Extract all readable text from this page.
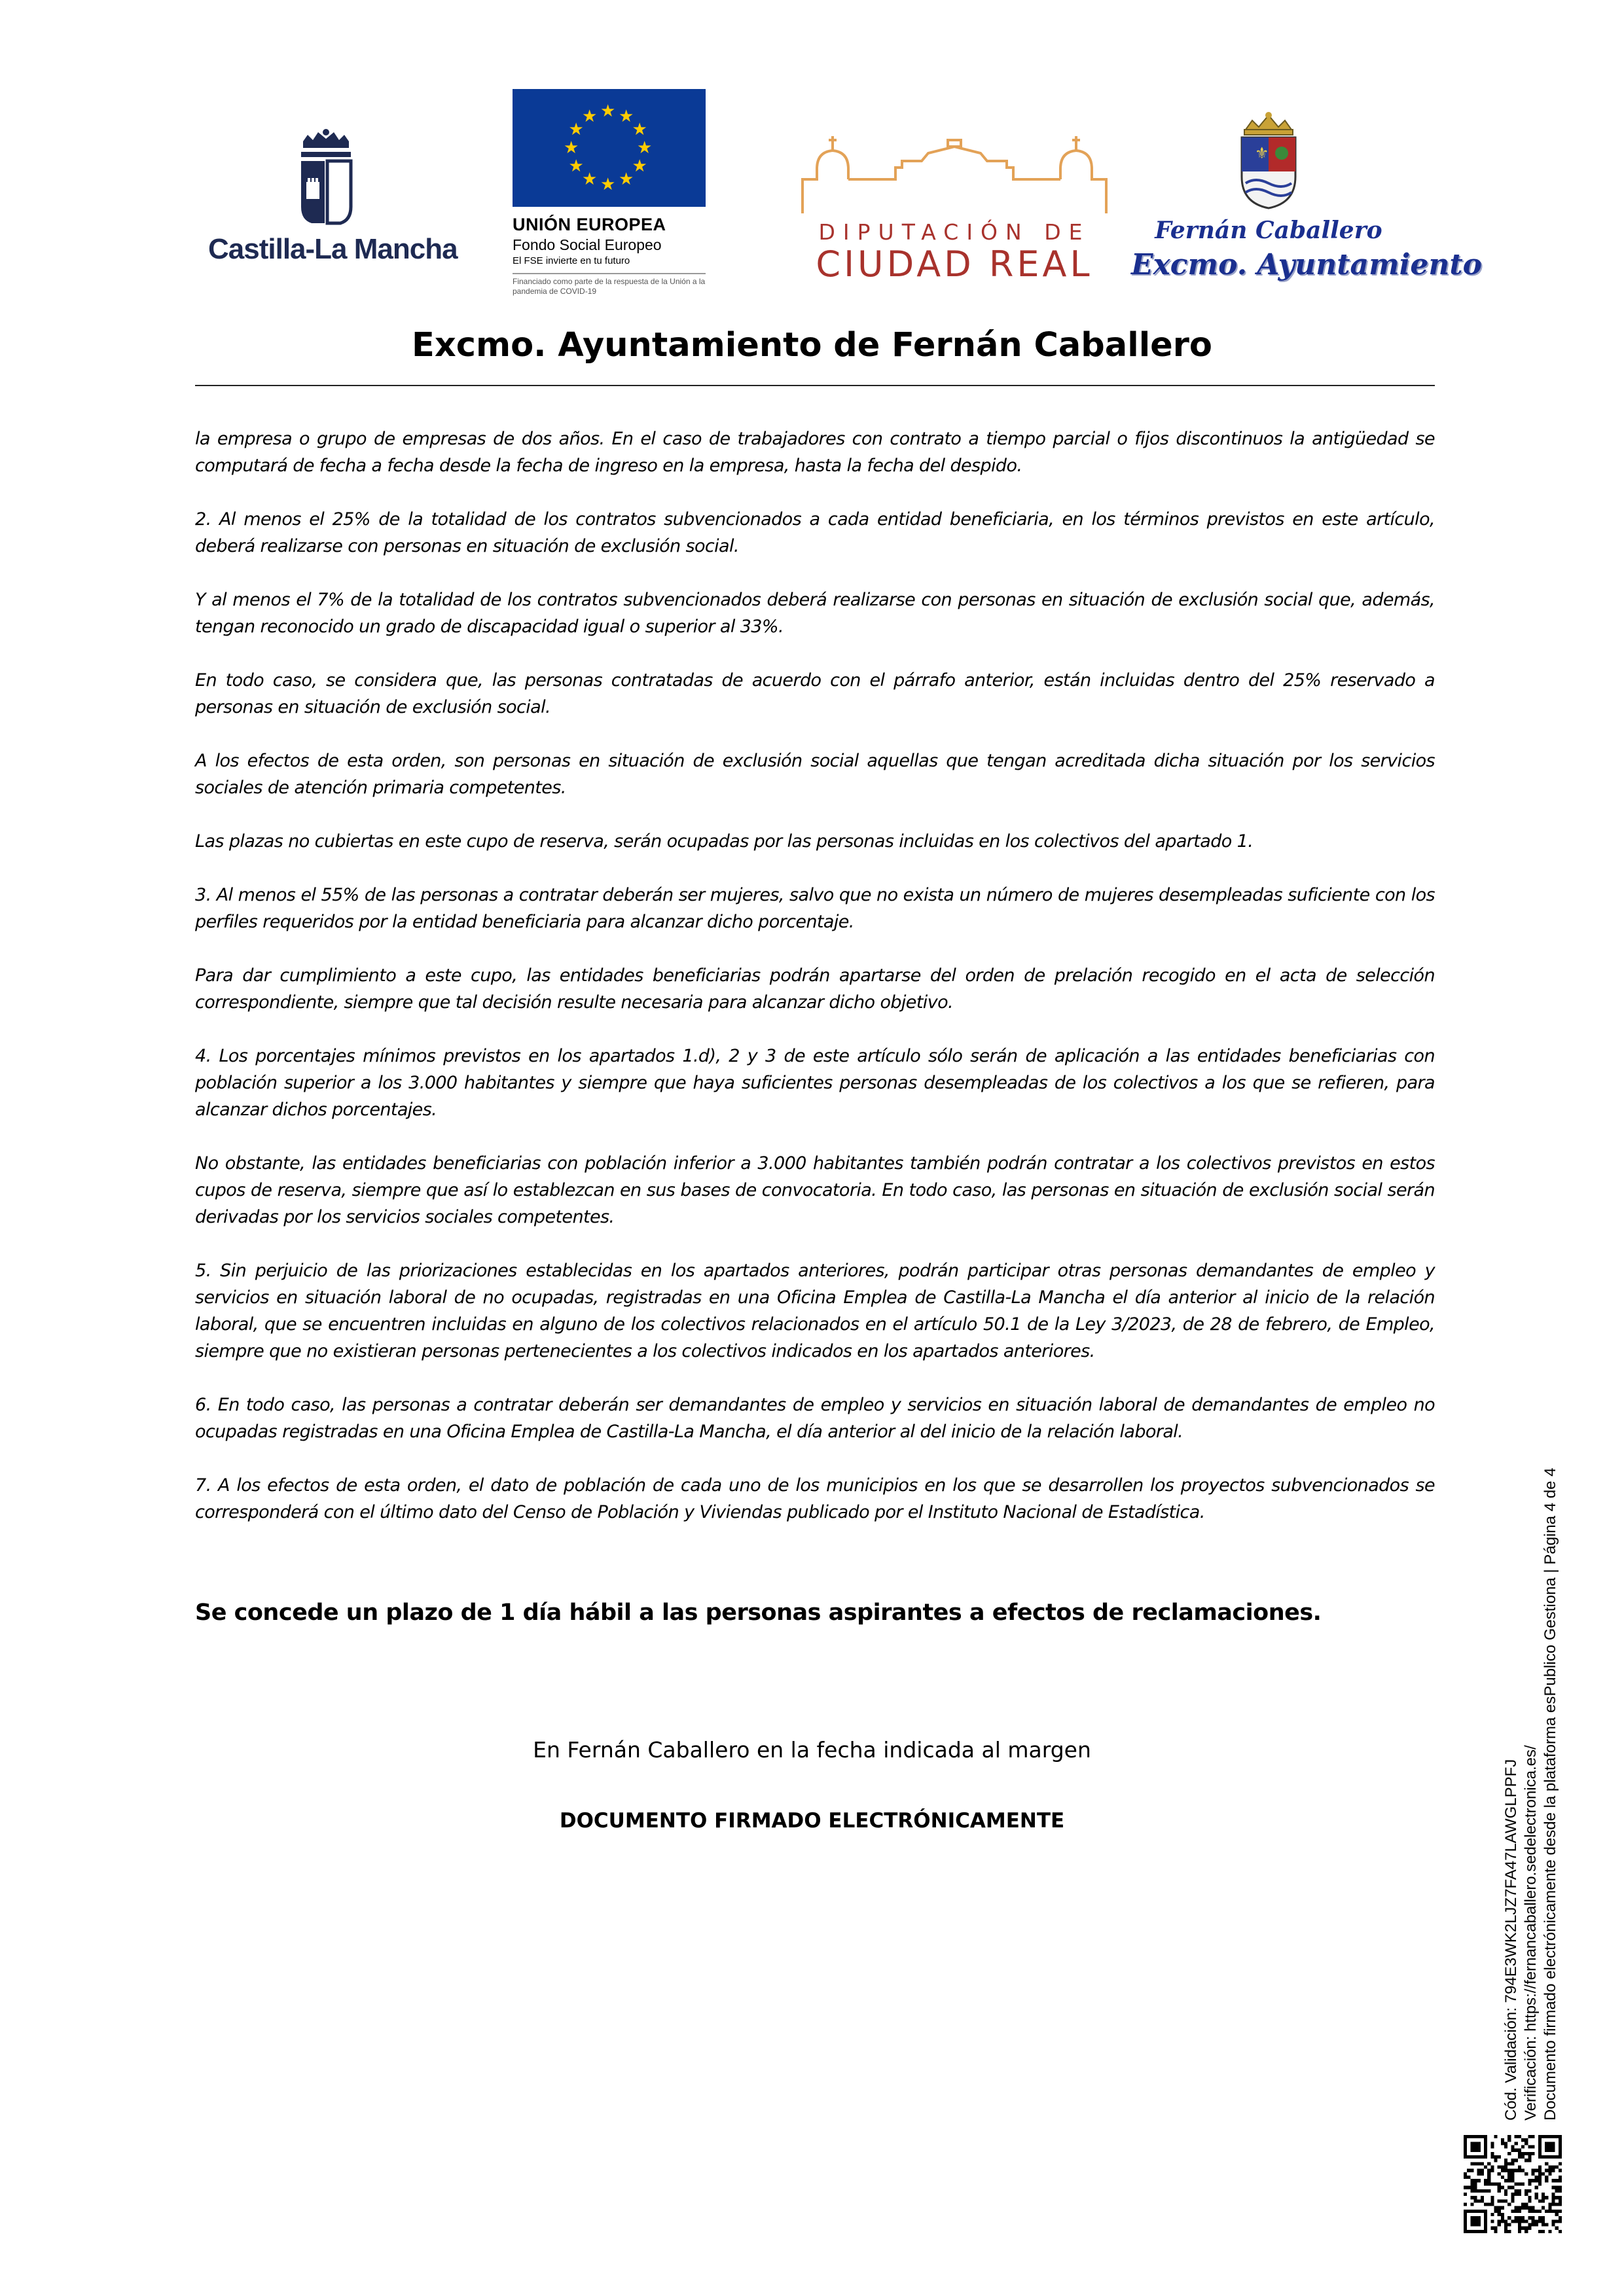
Castilla-La Mancha
★ ★
★
★
★
★
★
★
★
★
★
★
UNIÓN EUROPEA
Fondo Social Europeo
El FSE invierte en tu futuro
Financiado como parte de la respuesta de la Unión a la pandemia de COVID-19
DIPUTACIÓN DE
CIUDAD REAL
⚜
Fernán Caballero
Excmo. Ayuntamiento
Excmo. Ayuntamiento de Fernán Caballero

la empresa o grupo de empresas de dos años. En el caso de trabajadores con contrato a tiempo parcial o fijos discontinuos la antigüedad se computará de fecha a fecha desde la fecha de ingreso en la empresa, hasta la fecha del despido.

2. Al menos el 25% de la totalidad de los contratos subvencionados a cada entidad beneficiaria, en los términos previstos en este artículo, deberá realizarse con personas en situación de exclusión social.

Y al menos el 7% de la totalidad de los contratos subvencionados deberá realizarse con personas en situación de exclusión social que, además, tengan reconocido un grado de discapacidad igual o superior al 33%.

En todo caso, se considera que, las personas contratadas de acuerdo con el párrafo anterior, están incluidas dentro del 25% reservado a personas en situación de exclusión social.

A los efectos de esta orden, son personas en situación de exclusión social aquellas que tengan acreditada dicha situación por los servicios sociales de atención primaria competentes.

Las plazas no cubiertas en este cupo de reserva, serán ocupadas por las personas incluidas en los colectivos del apartado 1.

3. Al menos el 55% de las personas a contratar deberán ser mujeres, salvo que no exista un número de mujeres desempleadas suficiente con los perfiles requeridos por la entidad beneficiaria para alcanzar dicho porcentaje.

Para dar cumplimiento a este cupo, las entidades beneficiarias podrán apartarse del orden de prelación recogido en el acta de selección correspondiente, siempre que tal decisión resulte necesaria para alcanzar dicho objetivo.

4. Los porcentajes mínimos previstos en los apartados 1.d), 2 y 3 de este artículo sólo serán de aplicación a las entidades beneficiarias con población superior a los 3.000 habitantes y siempre que haya suficientes personas desempleadas de los colectivos a los que se refieren, para alcanzar dichos porcentajes.

No obstante, las entidades beneficiarias con población inferior a 3.000 habitantes también podrán contratar a los colectivos previstos en estos cupos de reserva, siempre que así lo establezcan en sus bases de convocatoria. En todo caso, las personas en situación de exclusión social serán derivadas por los servicios sociales competentes.

5. Sin perjuicio de las priorizaciones establecidas en los apartados anteriores, podrán participar otras personas demandantes de empleo y servicios en situación laboral de no ocupadas, registradas en una Oficina Emplea de Castilla-La Mancha el día anterior al inicio de la relación laboral, que se encuentren incluidas en alguno de los colectivos relacionados en el artículo 50.1 de la Ley 3/2023, de 28 de febrero, de Empleo, siempre que no existieran personas pertenecientes a los colectivos indicados en los apartados anteriores.

6. En todo caso, las personas a contratar deberán ser demandantes de empleo y servicios en situación laboral de demandantes de empleo no ocupadas registradas en una Oficina Emplea de Castilla-La Mancha, el día anterior al del inicio de la relación laboral.

7. A los efectos de esta orden, el dato de población de cada uno de los municipios en los que se desarrollen los proyectos subvencionados se corresponderá con el último dato del Censo de Población y Viviendas publicado por el Instituto Nacional de Estadística.

Se concede un plazo de 1 día hábil a las personas aspirantes a efectos de reclamaciones.
En Fernán Caballero en la fecha indicada al margen
DOCUMENTO FIRMADO ELECTRÓNICAMENTE	Cód. Validación: 794E3WK2LJZ7FA47LAWGLPPFJ Verificación: https://fernancaballero.sedelectronica.es/ Documento firmado electrónicamente desde la plataforma esPublico Gestiona | Página 4 de 4
